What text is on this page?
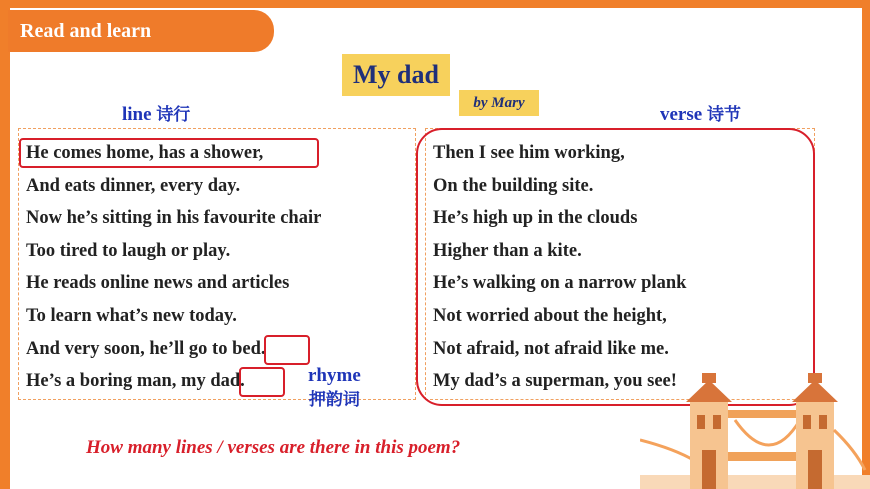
Read and learn
My dad
by Mary
line 诗行	verse 诗节
He comes home, has a shower,
And eats dinner, every day.
Now he’s sitting in his favourite chair
Too tired to laugh or play.
He reads online news and articles
To learn what’s new today.
And very soon, he’ll go to bed.
He’s a boring man, my dad.
Then I see him working,
On the building site.
He’s high up in the clouds
Higher than a kite.
He’s walking on a narrow plank
Not worried about the height,
Not afraid, not afraid like me.
My dad’s a superman, you see!
rhyme
押韵词
How many lines / verses are there in this poem?
